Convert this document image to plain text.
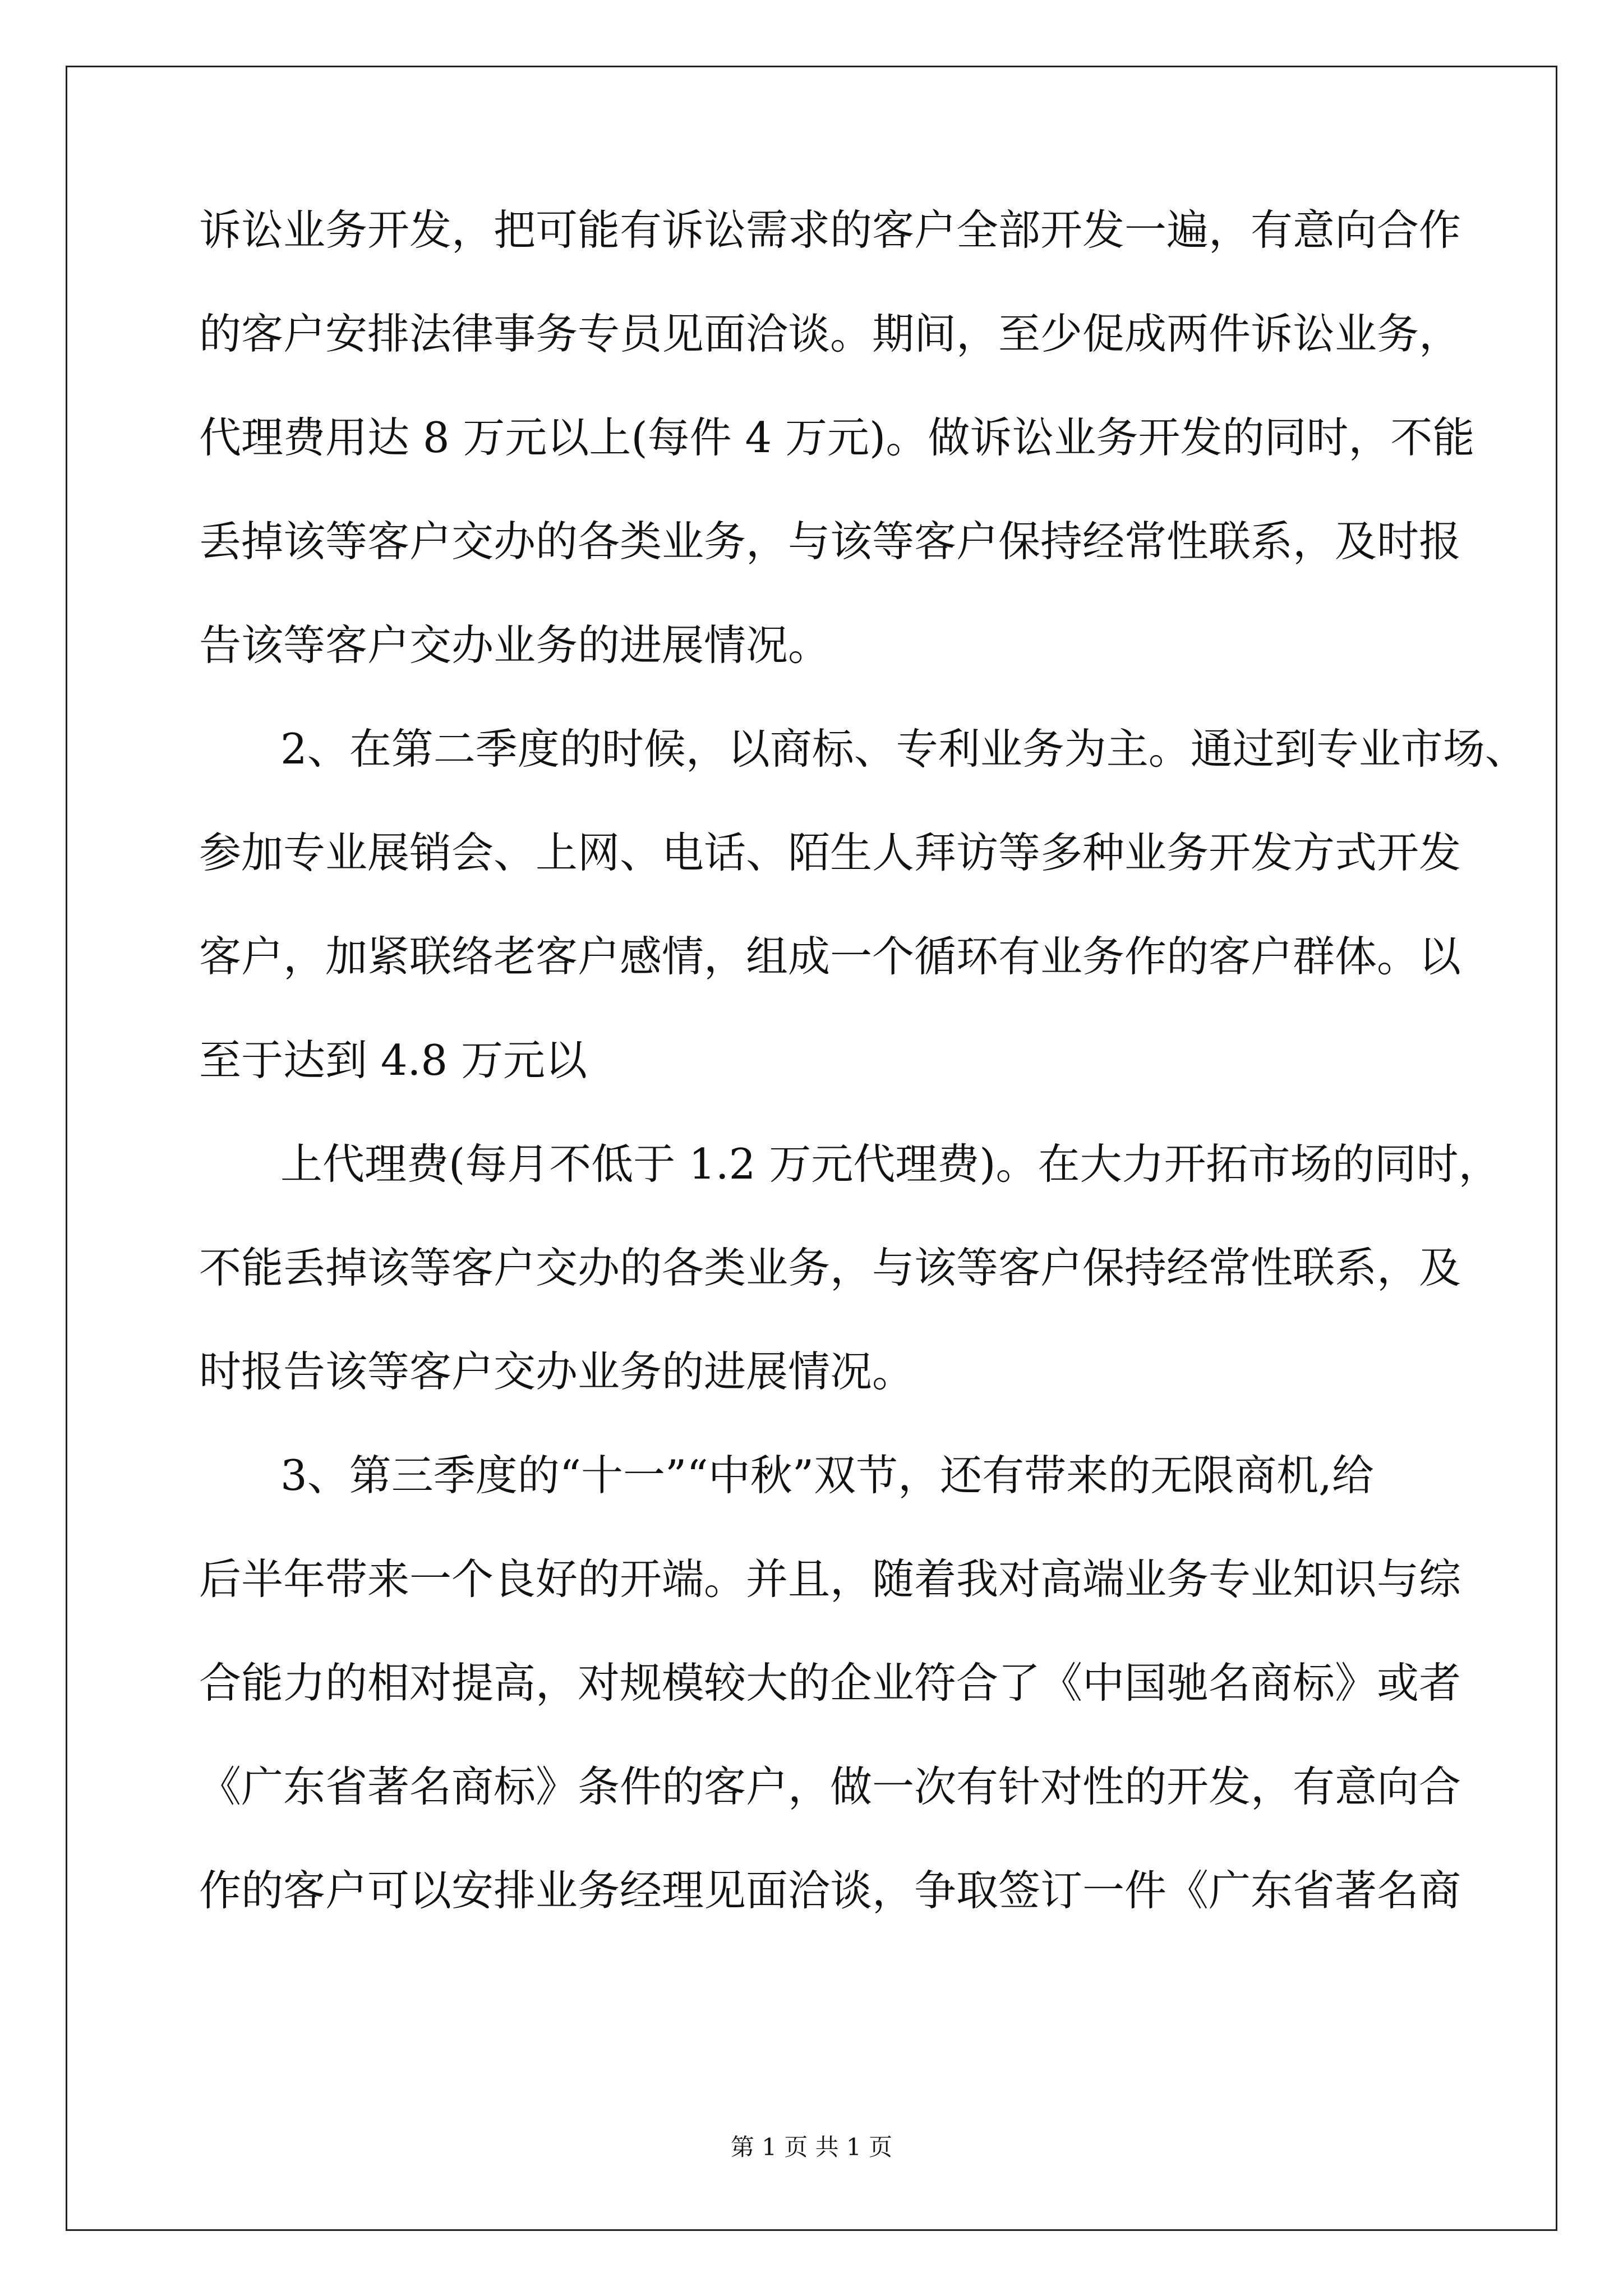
诉讼业务开发，把可能有诉讼需求的客户全部开发一遍，有意向合作
的客户安排法律事务专员见面洽谈。期间，至少促成两件诉讼业务，
代理费用达 8 万元以上(每件 4 万元)。做诉讼业务开发的同时，不能
丢掉该等客户交办的各类业务，与该等客户保持经常性联系，及时报
告该等客户交办业务的进展情况。
2、在第二季度的时候，以商标、专利业务为主。通过到专业市场、
参加专业展销会、上网、电话、陌生人拜访等多种业务开发方式开发
客户，加紧联络老客户感情，组成一个循环有业务作的客户群体。以
至于达到 4.8 万元以
上代理费(每月不低于 1.2 万元代理费)。在大力开拓市场的同时，
不能丢掉该等客户交办的各类业务，与该等客户保持经常性联系，及
时报告该等客户交办业务的进展情况。
3、第三季度的“十一”“中秋”双节，还有带来的无限商机,给
后半年带来一个良好的开端。并且，随着我对高端业务专业知识与综
合能力的相对提高，对规模较大的企业符合了《中国驰名商标》或者
《广东省著名商标》条件的客户，做一次有针对性的开发，有意向合
作的客户可以安排业务经理见面洽谈，争取签订一件《广东省著名商
第 1 页 共 1 页
